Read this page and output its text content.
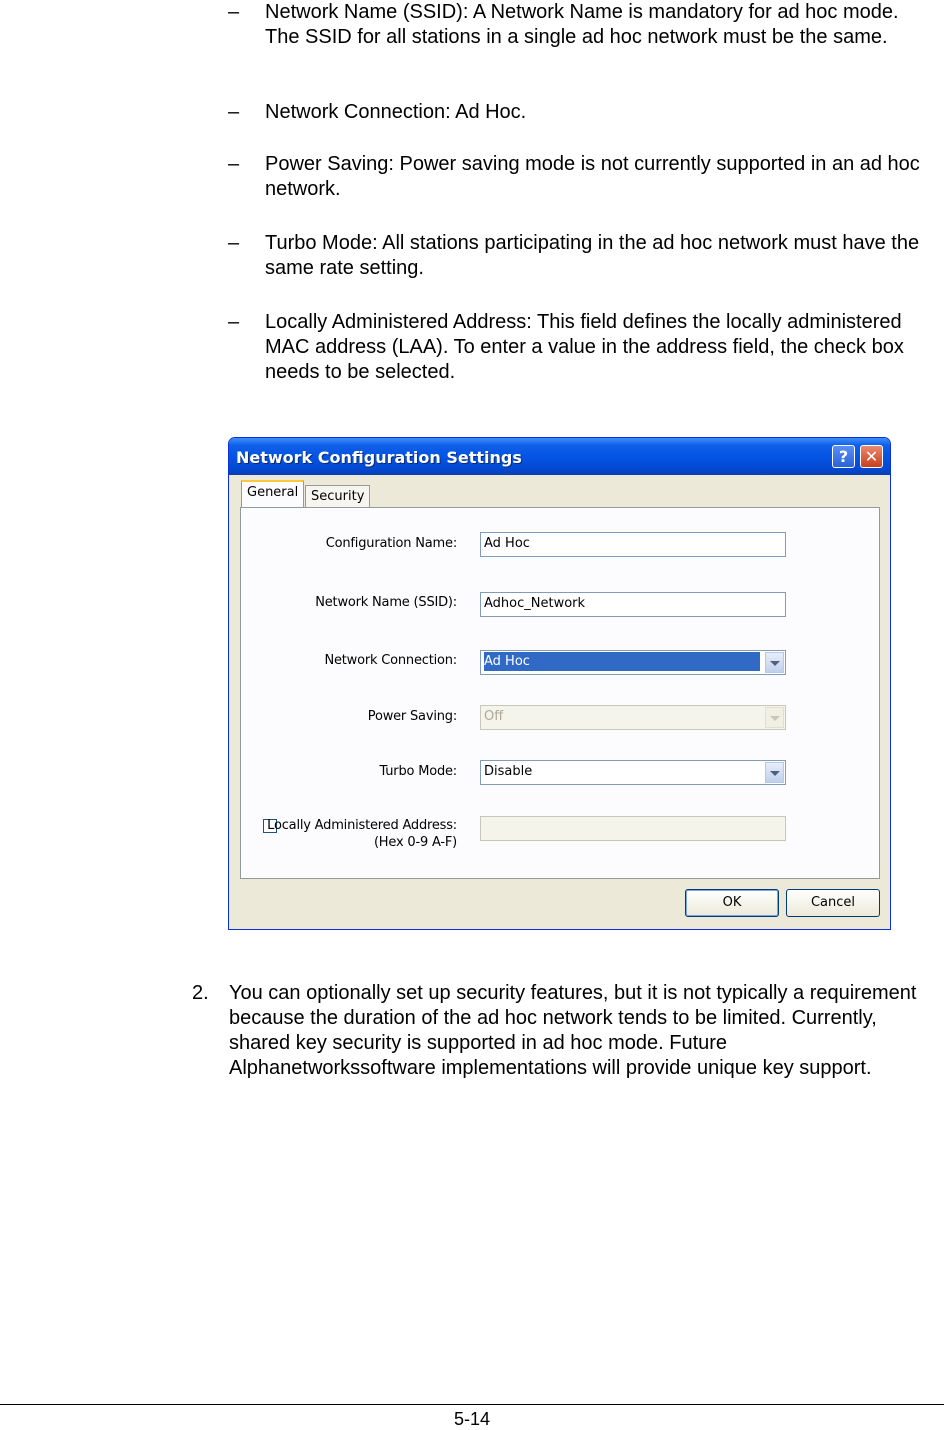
– Network Name (SSID): A Network Name is mandatory for ad hoc mode. The SSID for all stations in a single ad hoc network must be the same.
– Network Connection: Ad Hoc.
– Power Saving: Power saving mode is not currently supported in an ad hoc network.
– Turbo Mode: All stations participating in the ad hoc network must have the same rate setting.
– Locally Administered Address: This field defines the locally administered MAC address (LAA). To enter a value in the address field, the check box needs to be selected.
Network Configuration Settings	?	✕
General Security
Configuration Name:	Ad Hoc
Network Name (SSID):	Adhoc_Network
Network Connection:	Ad Hoc
Power Saving:	Off
Turbo Mode:	Disable
Locally Administered Address:
(Hex 0-9 A-F)
OK	Cancel
2. You can optionally set up security features, but it is not typically a requirement because the duration of the ad hoc network tends to be limited. Currently, shared key security is supported in ad hoc mode. Future Alphanetworkssoftware implementations will provide unique key support.
5-14
